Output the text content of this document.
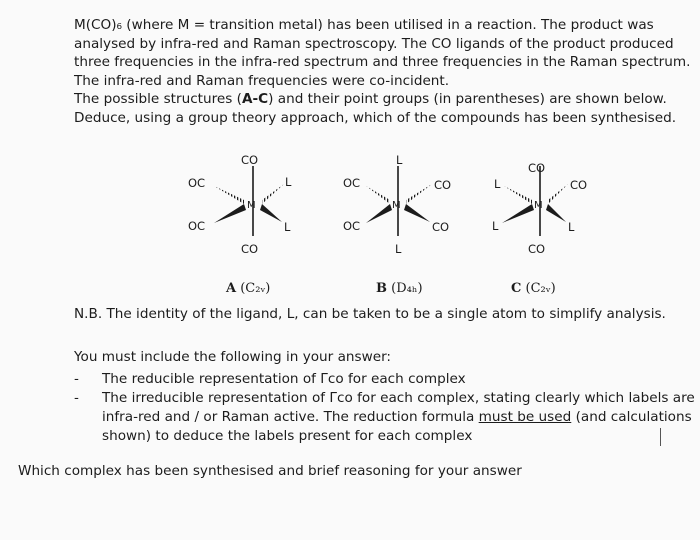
M(CO)₆ (where M = transition metal) has been utilised in a reaction. The product was
analysed by infra-red and Raman spectroscopy. The CO ligands of the product produced
three frequencies in the infra-red spectrum and three frequencies in the Raman spectrum.
The infra-red and Raman frequencies were co-incident.
The possible structures (A-C) and their point groups (in parentheses) are shown below.
Deduce, using a group theory approach, which of the compounds has been synthesised.
CO
OC	L
M
OC	L
CO
L
OC	CO
M
OC	CO
L
CO
L	CO
M
L	L
CO
A (C₂ᵥ)	B (D₄ₕ)	C (C₂ᵥ)

N.B. The identity of the ligand, L, can be taken to be a single atom to simplify analysis.

You must include the following in your answer:

- The reducible representation of Γco for each complex
- The irreducible representation of Γco for each complex, stating clearly which labels are
infra-red and / or Raman active. The reduction formula must be used (and calculations
shown) to deduce the labels present for each complex

Which complex has been synthesised and brief reasoning for your answer
